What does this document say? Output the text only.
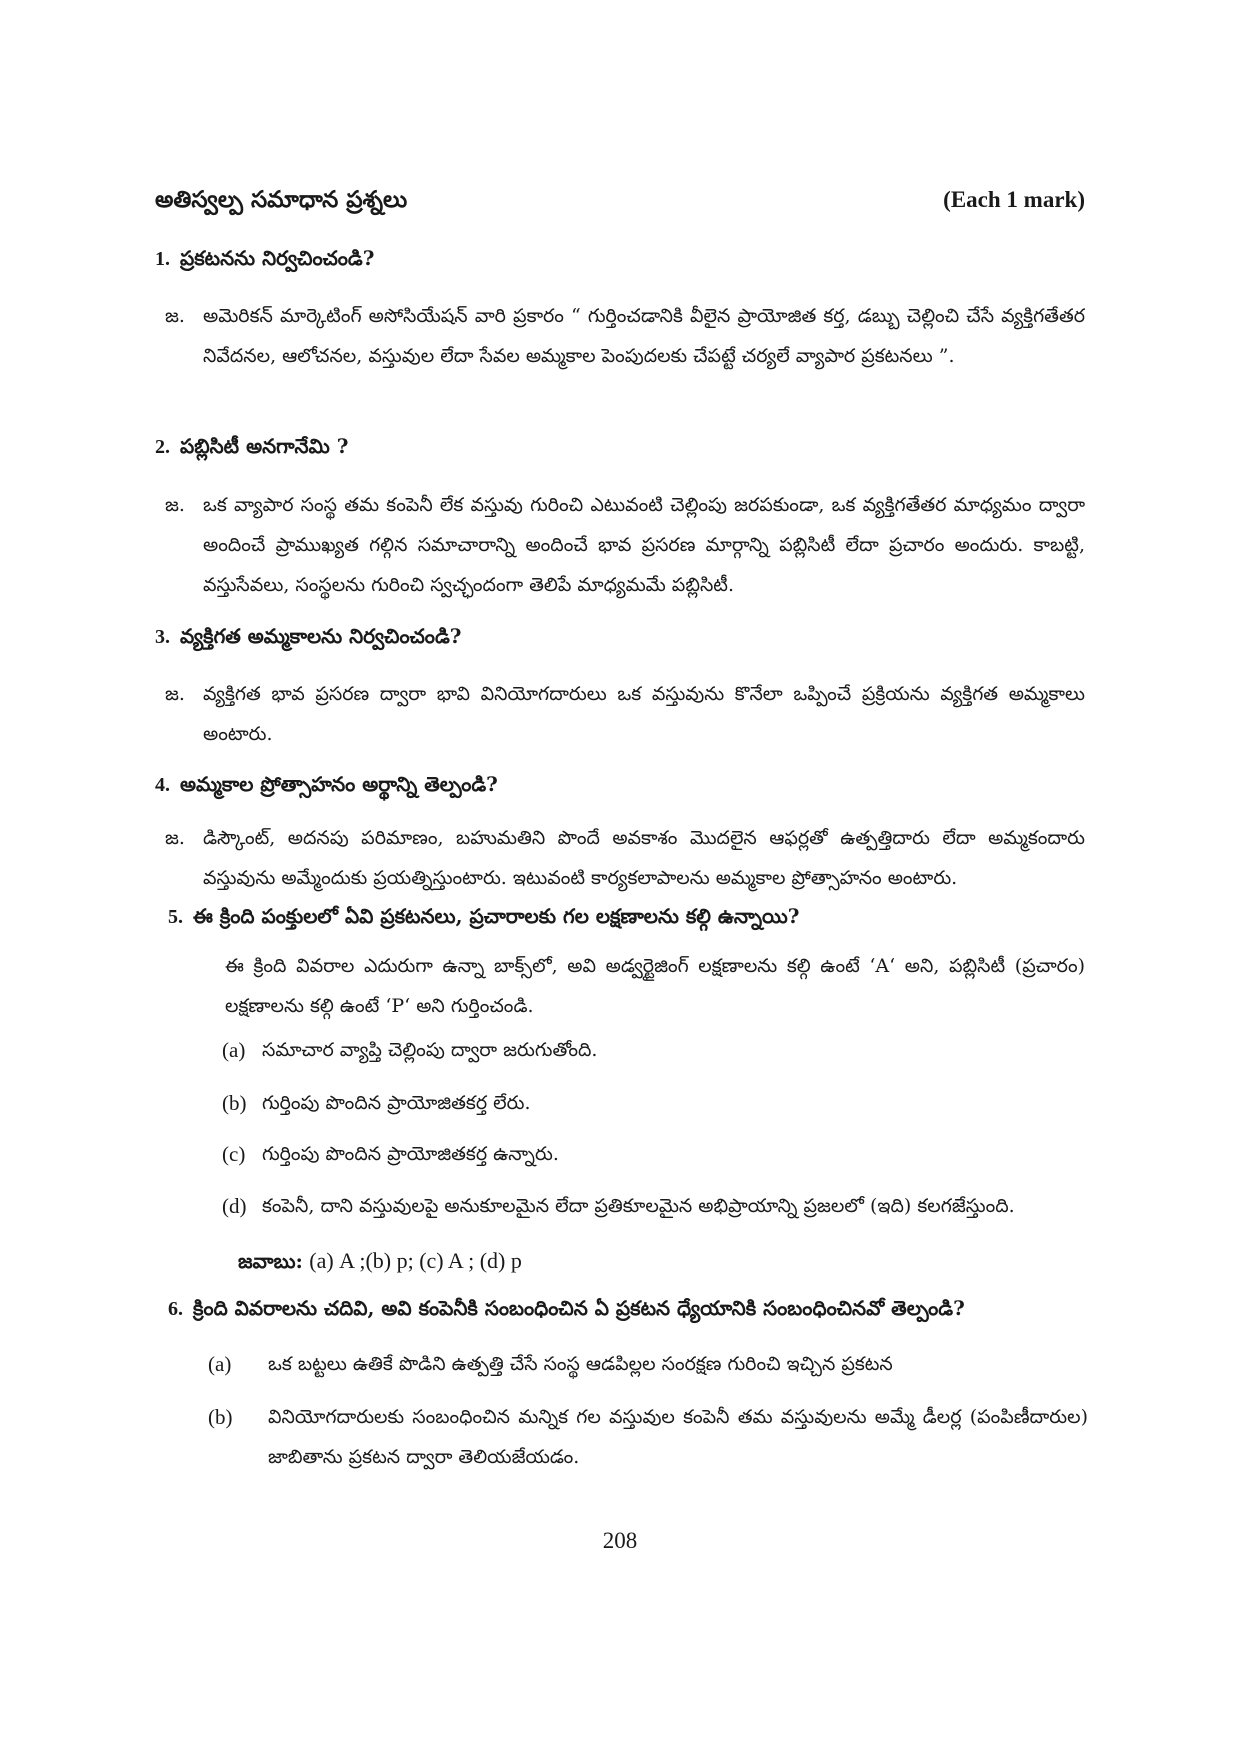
అతిస్వల్ప సమాధాన ప్రశ్నలు	(Each 1 mark)
1. ప్రకటనను నిర్వచించండి?
జ. అమెరికన్ మార్కెటింగ్ అసోసియేషన్ వారి ప్రకారం “ గుర్తించడానికి వీలైన ప్రాయోజిత కర్త, డబ్బు చెల్లించి చేసే వ్యక్తిగతేతర నివేదనల, ఆలోచనల, వస్తువుల లేదా సేవల అమ్మకాల పెంపుదలకు చేపట్టే చర్యలే వ్యాపార ప్రకటనలు ”.
2. పబ్లిసిటీ అనగానేమి ?
జ. ఒక వ్యాపార సంస్థ తమ కంపెనీ లేక వస్తువు గురించి ఎటువంటి చెల్లింపు జరపకుండా, ఒక వ్యక్తిగతేతర మాధ్యమం ద్వారా అందించే ప్రాముఖ్యత గల్గిన సమాచారాన్ని అందించే భావ ప్రసరణ మార్గాన్ని పబ్లిసిటీ లేదా ప్రచారం అందురు. కాబట్టి, వస్తుసేవలు, సంస్థలను గురించి స్వచ్ఛందంగా తెలిపే మాధ్యమమే పబ్లిసిటీ.
3. వ్యక్తిగత అమ్మకాలను నిర్వచించండి?
జ. వ్యక్తిగత భావ ప్రసరణ ద్వారా భావి వినియోగదారులు ఒక వస్తువును కొనేలా ఒప్పించే ప్రక్రియను వ్యక్తిగత అమ్మకాలు అంటారు.
4. అమ్మకాల ప్రోత్సాహనం అర్థాన్ని తెల్పండి?
జ. డిస్కౌంట్, అదనపు పరిమాణం, బహుమతిని పొందే అవకాశం మొదలైన ఆఫర్లతో ఉత్పత్తిదారు లేదా అమ్మకందారు వస్తువును అమ్మేందుకు ప్రయత్నిస్తుంటారు. ఇటువంటి కార్యకలాపాలను అమ్మకాల ప్రోత్సాహనం అంటారు.
5. ఈ క్రింది పంక్తులలో ఏవి ప్రకటనలు, ప్రచారాలకు గల లక్షణాలను కల్గి ఉన్నాయి?
ఈ క్రింది వివరాల ఎదురుగా ఉన్నా బాక్స్‌లో, అవి అడ్వర్టైజింగ్ లక్షణాలను కల్గి ఉంటే ‘A‘ అని, పబ్లిసిటీ (ప్రచారం) లక్షణాలను కల్గి ఉంటే ‘P‘ అని గుర్తించండి.
(a) సమాచార వ్యాప్తి చెల్లింపు ద్వారా జరుగుతోంది.
(b) గుర్తింపు పొందిన ప్రాయోజితకర్త లేరు.
(c) గుర్తింపు పొందిన ప్రాయోజితకర్త ఉన్నారు.
(d) కంపెనీ, దాని వస్తువులపై అనుకూలమైన లేదా ప్రతికూలమైన అభిప్రాయాన్ని ప్రజలలో (ఇది) కలగజేస్తుంది.
జవాబు: (a) A ;(b) p; (c) A ; (d) p
6. క్రింది వివరాలను చదివి, అవి కంపెనీకి సంబంధించిన ఏ ప్రకటన ధ్యేయానికి సంబంధించినవో తెల్పండి?
(a)	ఒక బట్టలు ఉతికే పొడిని ఉత్పత్తి చేసే సంస్థ ఆడపిల్లల సంరక్షణ గురించి ఇచ్చిన ప్రకటన
(b)	వినియోగదారులకు సంబంధించిన మన్నిక గల వస్తువుల కంపెనీ తమ వస్తువులను అమ్మే డీలర్ల (పంపిణీదారుల) జాబితాను ప్రకటన ద్వారా తెలియజేయడం.
208
